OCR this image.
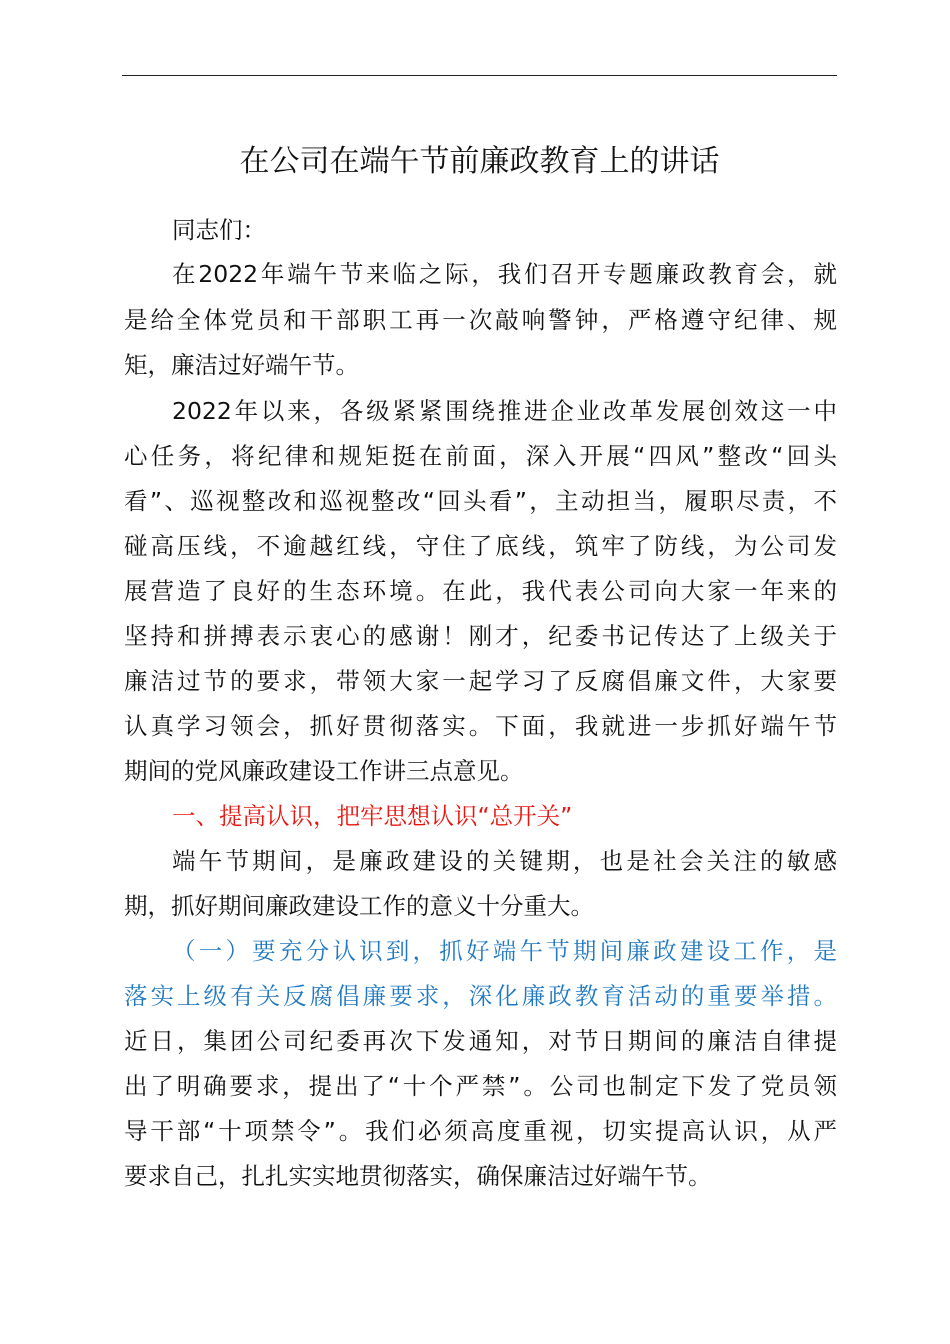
在公司在端午节前廉政教育上的讲话
同志们：
在2022年端午节来临之际，我们召开专题廉政教育会，就
是给全体党员和干部职工再一次敲响警钟，严格遵守纪律、规
矩，廉洁过好端午节。
2022年以来，各级紧紧围绕推进企业改革发展创效这一中
心任务，将纪律和规矩挺在前面，深入开展“四风”整改“回头
看”、巡视整改和巡视整改“回头看”，主动担当，履职尽责，不
碰高压线，不逾越红线，守住了底线，筑牢了防线，为公司发
展营造了良好的生态环境。在此，我代表公司向大家一年来的
坚持和拼搏表示衷心的感谢！刚才，纪委书记传达了上级关于
廉洁过节的要求，带领大家一起学习了反腐倡廉文件，大家要
认真学习领会，抓好贯彻落实。下面，我就进一步抓好端午节
期间的党风廉政建设工作讲三点意见。
一、提高认识，把牢思想认识“总开关”
端午节期间，是廉政建设的关键期，也是社会关注的敏感
期，抓好期间廉政建设工作的意义十分重大。
（一）要充分认识到，抓好端午节期间廉政建设工作，是
落实上级有关反腐倡廉要求，深化廉政教育活动的重要举措。
近日，集团公司纪委再次下发通知，对节日期间的廉洁自律提
出了明确要求，提出了“十个严禁”。公司也制定下发了党员领
导干部“十项禁令”。我们必须高度重视，切实提高认识，从严
要求自己，扎扎实实地贯彻落实，确保廉洁过好端午节。
